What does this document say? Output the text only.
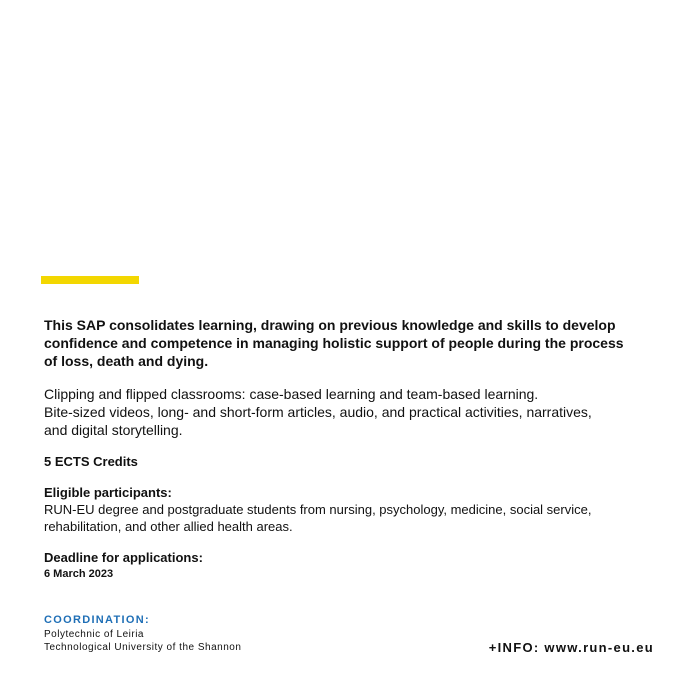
This SAP consolidates learning, drawing on previous knowledge and skills to develop
confidence and competence in managing holistic support of people during the process
of loss, death and dying.

Clipping and flipped classrooms: case-based learning and team-based learning.
Bite-sized videos, long- and short-form articles, audio, and practical activities, narratives,
and digital storytelling.

5 ECTS Credits

Eligible participants:

RUN-EU degree and postgraduate students from nursing, psychology, medicine, social service,
rehabilitation, and other allied health areas.

Deadline for applications:

6 March 2023

COORDINATION:
Polytechnic of Leiria
Technological University of the Shannon	+INFO: www.run-eu.eu
